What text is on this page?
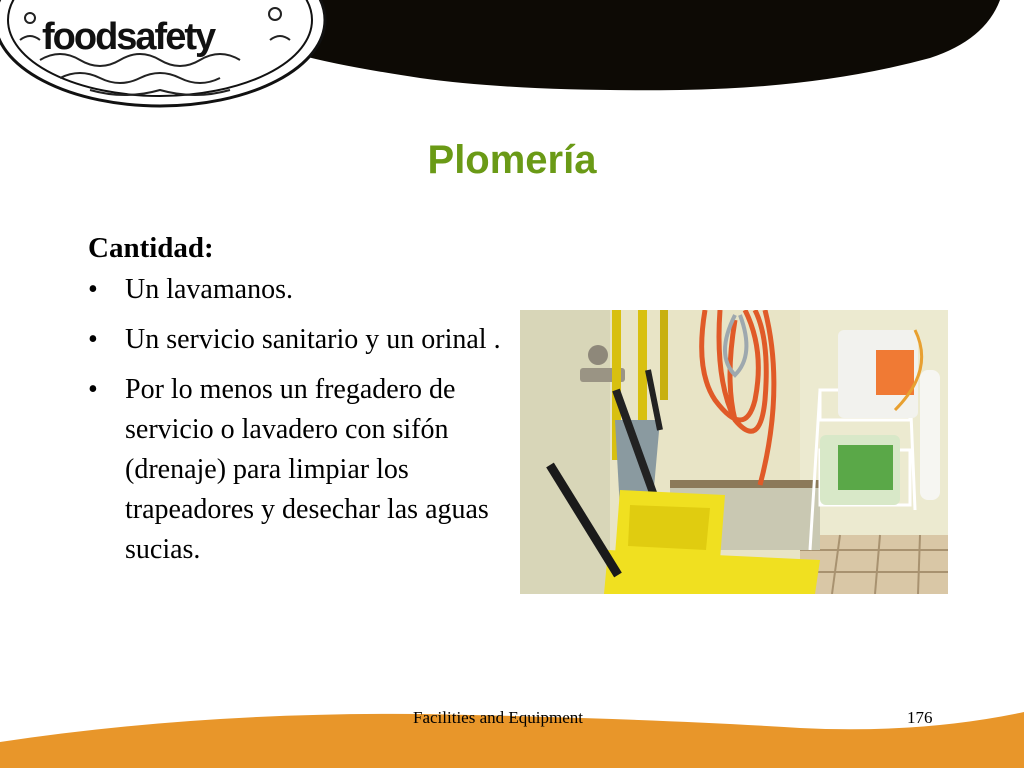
foodsafety
Plomería
Cantidad:
• Un lavamanos.
• Un servicio sanitario y un orinal .
• Por lo menos un fregadero de servicio o lavadero con sifón (drenaje) para limpiar los trapeadores y desechar las aguas sucias.
Facilities and Equipment	176
